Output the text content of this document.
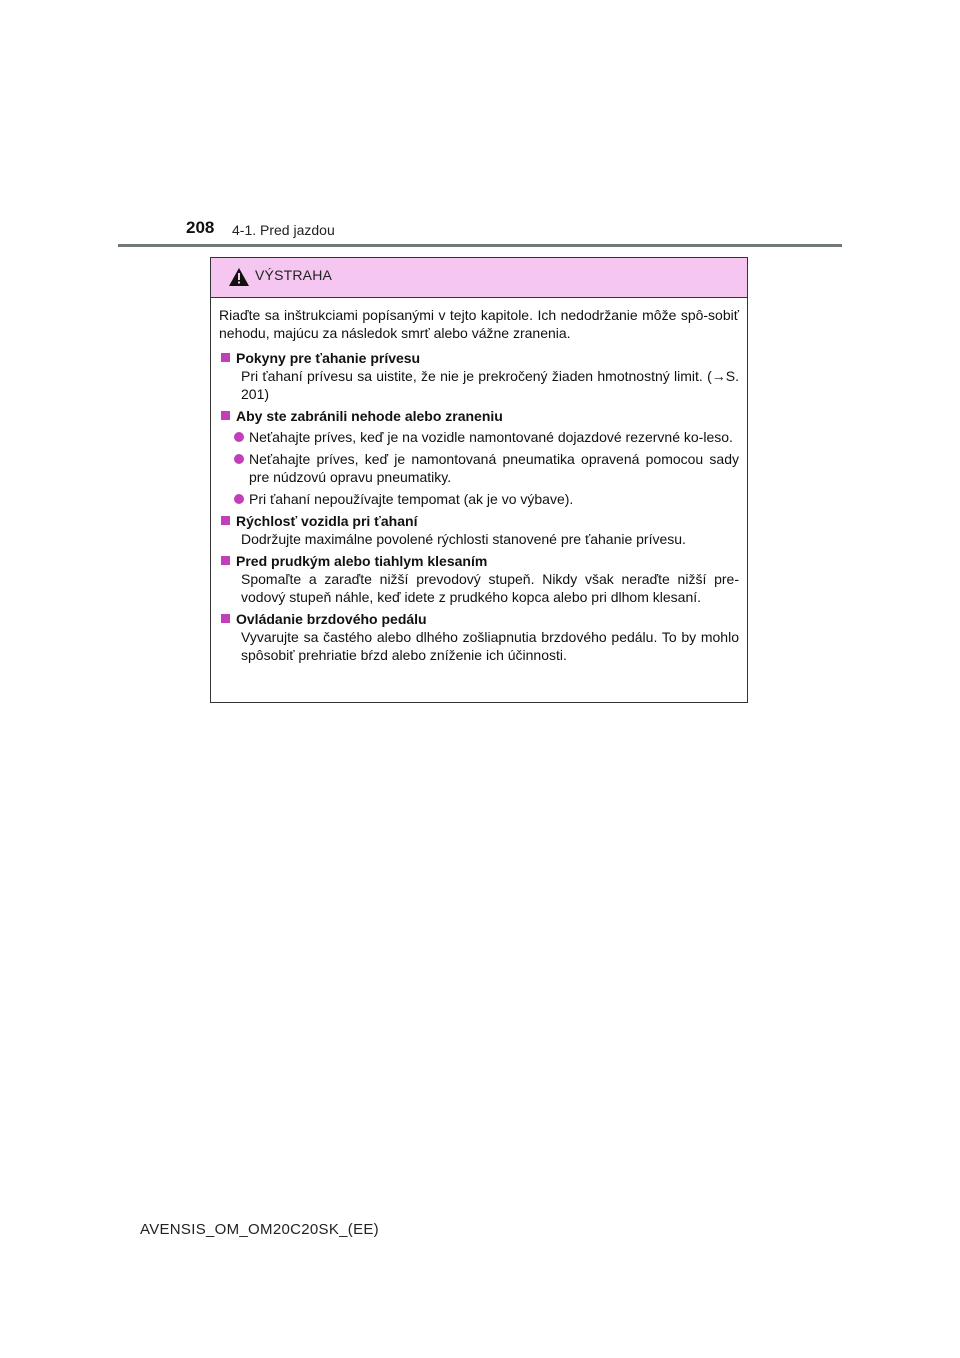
208 4-1. Pred jazdou
VÝSTRAHA

Riaďte sa inštrukciami popísanými v tejto kapitole. Ich nedodržanie môže spô-sobiť nehodu, majúcu za následok smrť alebo vážne zranenia.

Pokyny pre ťahanie prívesu

Pri ťahaní prívesu sa uistite, že nie je prekročený žiaden hmotnostný limit. (→S. 201)

Aby ste zabránili nehode alebo zraneniu

Neťahajte príves, keď je na vozidle namontované dojazdové rezervné ko-leso.

Neťahajte príves, keď je namontovaná pneumatika opravená pomocou sady pre núdzovú opravu pneumatiky.

Pri ťahaní nepoužívajte tempomat (ak je vo výbave).

Rýchlosť vozidla pri ťahaní

Dodržujte maximálne povolené rýchlosti stanovené pre ťahanie prívesu.

Pred prudkým alebo tiahlym klesaním

Spomaľte a zaraďte nižší prevodový stupeň. Nikdy však neraďte nižší pre-vodový stupeň náhle, keď idete z prudkého kopca alebo pri dlhom klesaní.

Ovládanie brzdového pedálu

Vyvarujte sa častého alebo dlhého zošliapnutia brzdového pedálu. To by mohlo spôsobiť prehriatie bŕzd alebo zníženie ich účinnosti.

AVENSIS_OM_OM20C20SK_(EE)
